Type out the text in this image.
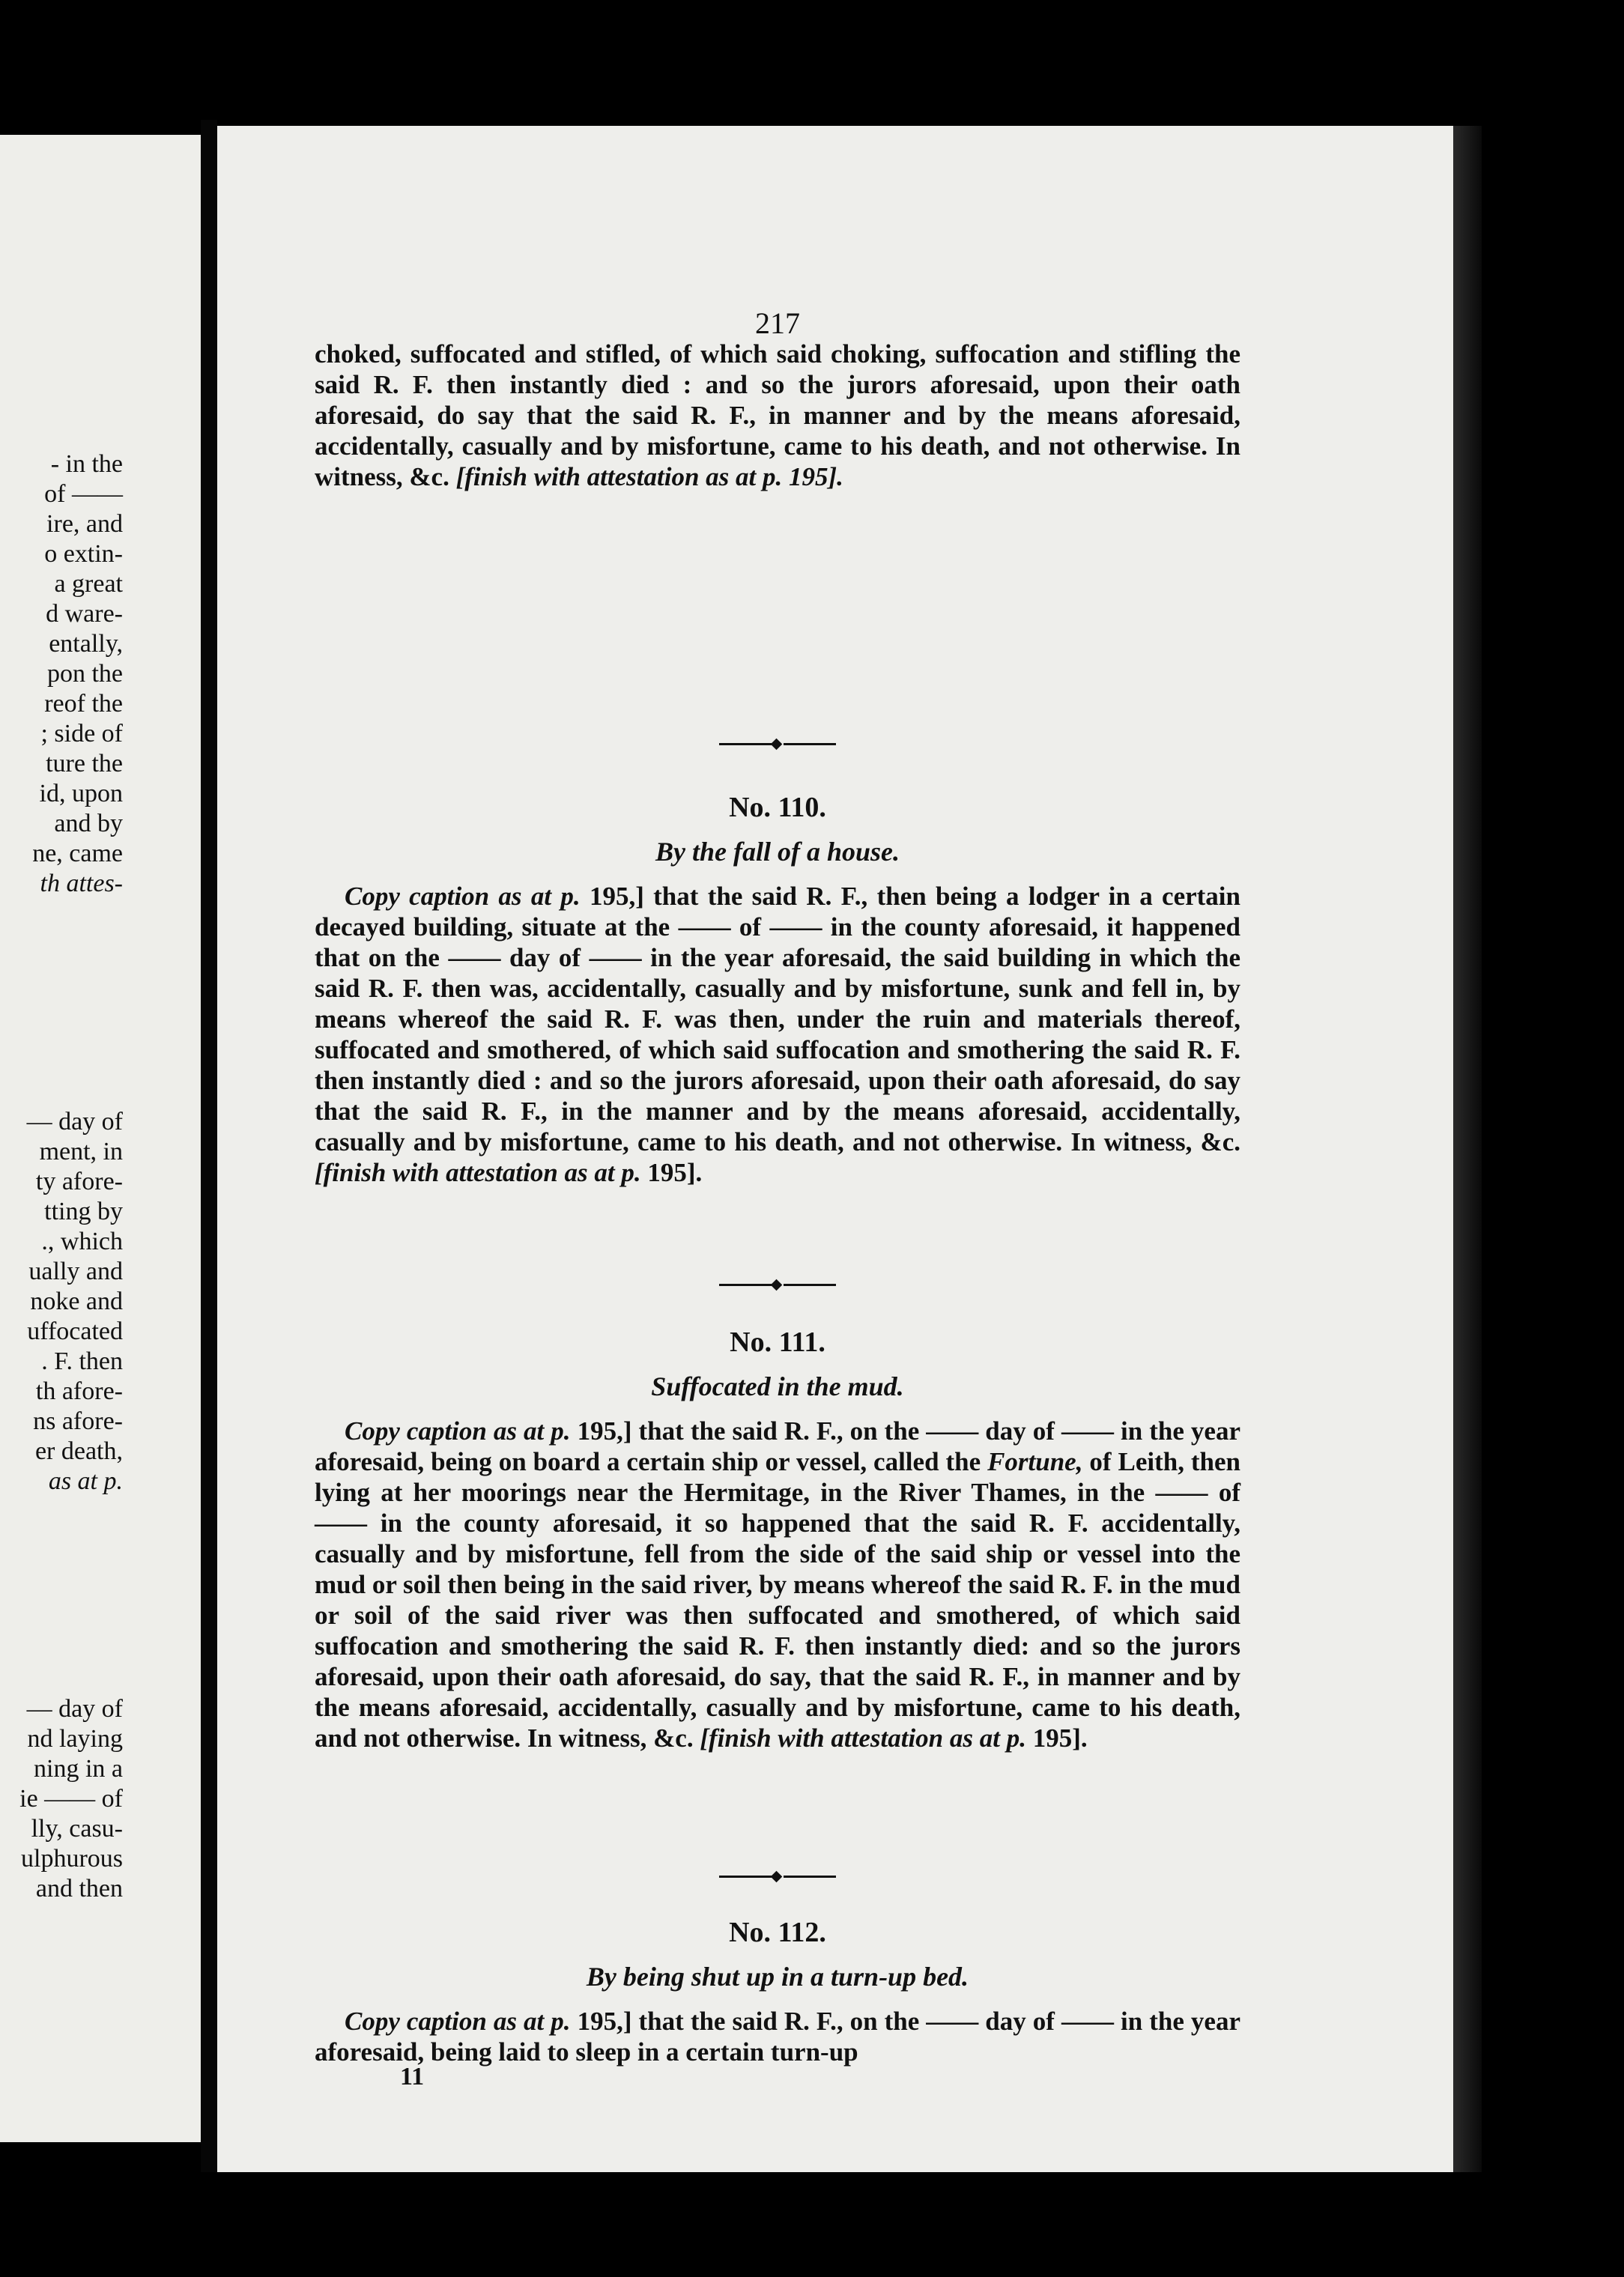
- in the
of ——
ire, and
o extin-
a great
d ware-
entally,
pon the
reof the
; side of
ture the
id, upon
and by
ne, came
th attes-
— day of
ment, in
ty afore-
tting by
., which
ually and
noke and
uffocated
. F. then
th afore-
ns afore-
er death,
as at p.
— day of
nd laying
ning in a
ie —— of
lly, casu-
ulphurous
and then
217

choked, suffocated and stifled, of which said choking, suffocation and stifling the said R. F. then instantly died : and so the jurors aforesaid, upon their oath aforesaid, do say that the said R. F., in manner and by the means aforesaid, accidentally, casually and by misfortune, came to his death, and not otherwise. In witness, &c. [finish with attestation as at p. 195].

No. 110.
By the fall of a house.

Copy caption as at p. 195,] that the said R. F., then being a lodger in a certain decayed building, situate at the —— of —— in the county aforesaid, it happened that on the —— day of —— in the year aforesaid, the said building in which the said R. F. then was, accidentally, casually and by misfortune, sunk and fell in, by means whereof the said R. F. was then, under the ruin and materials thereof, suffocated and smothered, of which said suffocation and smothering the said R. F. then instantly died : and so the jurors aforesaid, upon their oath aforesaid, do say that the said R. F., in the manner and by the means aforesaid, accidentally, casually and by misfortune, came to his death, and not otherwise. In witness, &c. [finish with attestation as at p. 195].

No. 111.
Suffocated in the mud.

Copy caption as at p. 195,] that the said R. F., on the —— day of —— in the year aforesaid, being on board a certain ship or vessel, called the Fortune, of Leith, then lying at her moorings near the Hermitage, in the River Thames, in the —— of —— in the county aforesaid, it so happened that the said R. F. accidentally, casually and by misfortune, fell from the side of the said ship or vessel into the mud or soil then being in the said river, by means whereof the said R. F. in the mud or soil of the said river was then suffocated and smothered, of which said suffocation and smothering the said R. F. then instantly died: and so the jurors aforesaid, upon their oath aforesaid, do say, that the said R. F., in manner and by the means aforesaid, accidentally, casually and by misfortune, came to his death, and not otherwise. In witness, &c. [finish with attestation as at p. 195].

No. 112.
By being shut up in a turn-up bed.

Copy caption as at p. 195,] that the said R. F., on the —— day of —— in the year aforesaid, being laid to sleep in a certain turn-up

11
